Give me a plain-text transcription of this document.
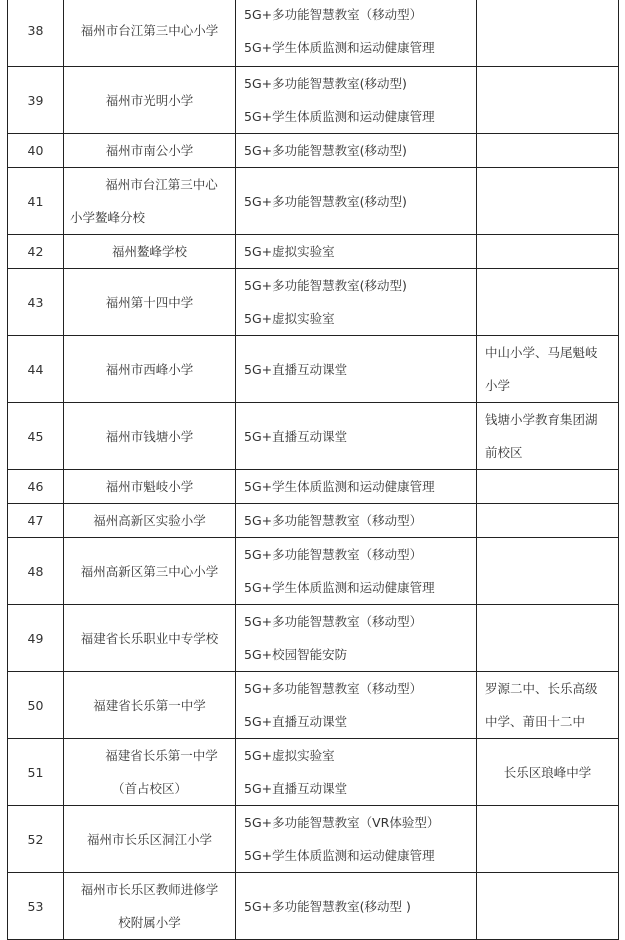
38	福州市台江第三中心小学	5G+多功能智慧教室（移动型）
5G+学生体质监测和运动健康管理	

39	福州市光明小学	5G+多功能智慧教室(移动型)
5G+学生体质监测和运动健康管理	

40	福州市南公小学	5G+多功能智慧教室(移动型)	

41	福州市台江第三中心
小学鳌峰分校	5G+多功能智慧教室(移动型)	

42	福州鳌峰学校	5G+虚拟实验室	

43	福州第十四中学	5G+多功能智慧教室(移动型)
5G+虚拟实验室	

44	福州市西峰小学	5G+直播互动课堂	中山小学、马尾魁岐
小学

45	福州市钱塘小学	5G+直播互动课堂	钱塘小学教育集团湖
前校区

46	福州市魁岐小学	5G+学生体质监测和运动健康管理	

47	福州高新区实验小学	5G+多功能智慧教室（移动型）	

48	福州高新区第三中心小学	5G+多功能智慧教室（移动型）
5G+学生体质监测和运动健康管理	

49	福建省长乐职业中专学校	5G+多功能智慧教室（移动型）
5G+校园智能安防	

50	福建省长乐第一中学	5G+多功能智慧教室（移动型）
5G+直播互动课堂	罗源二中、长乐高级
中学、莆田十二中

51	福建省长乐第一中学
（首占校区）	5G+虚拟实验室
5G+直播互动课堂	长乐区琅峰中学

52	福州市长乐区洞江小学	5G+多功能智慧教室（VR体验型）
5G+学生体质监测和运动健康管理	

53	福州市长乐区教师进修学
校附属小学	5G+多功能智慧教室(移动型 )	
